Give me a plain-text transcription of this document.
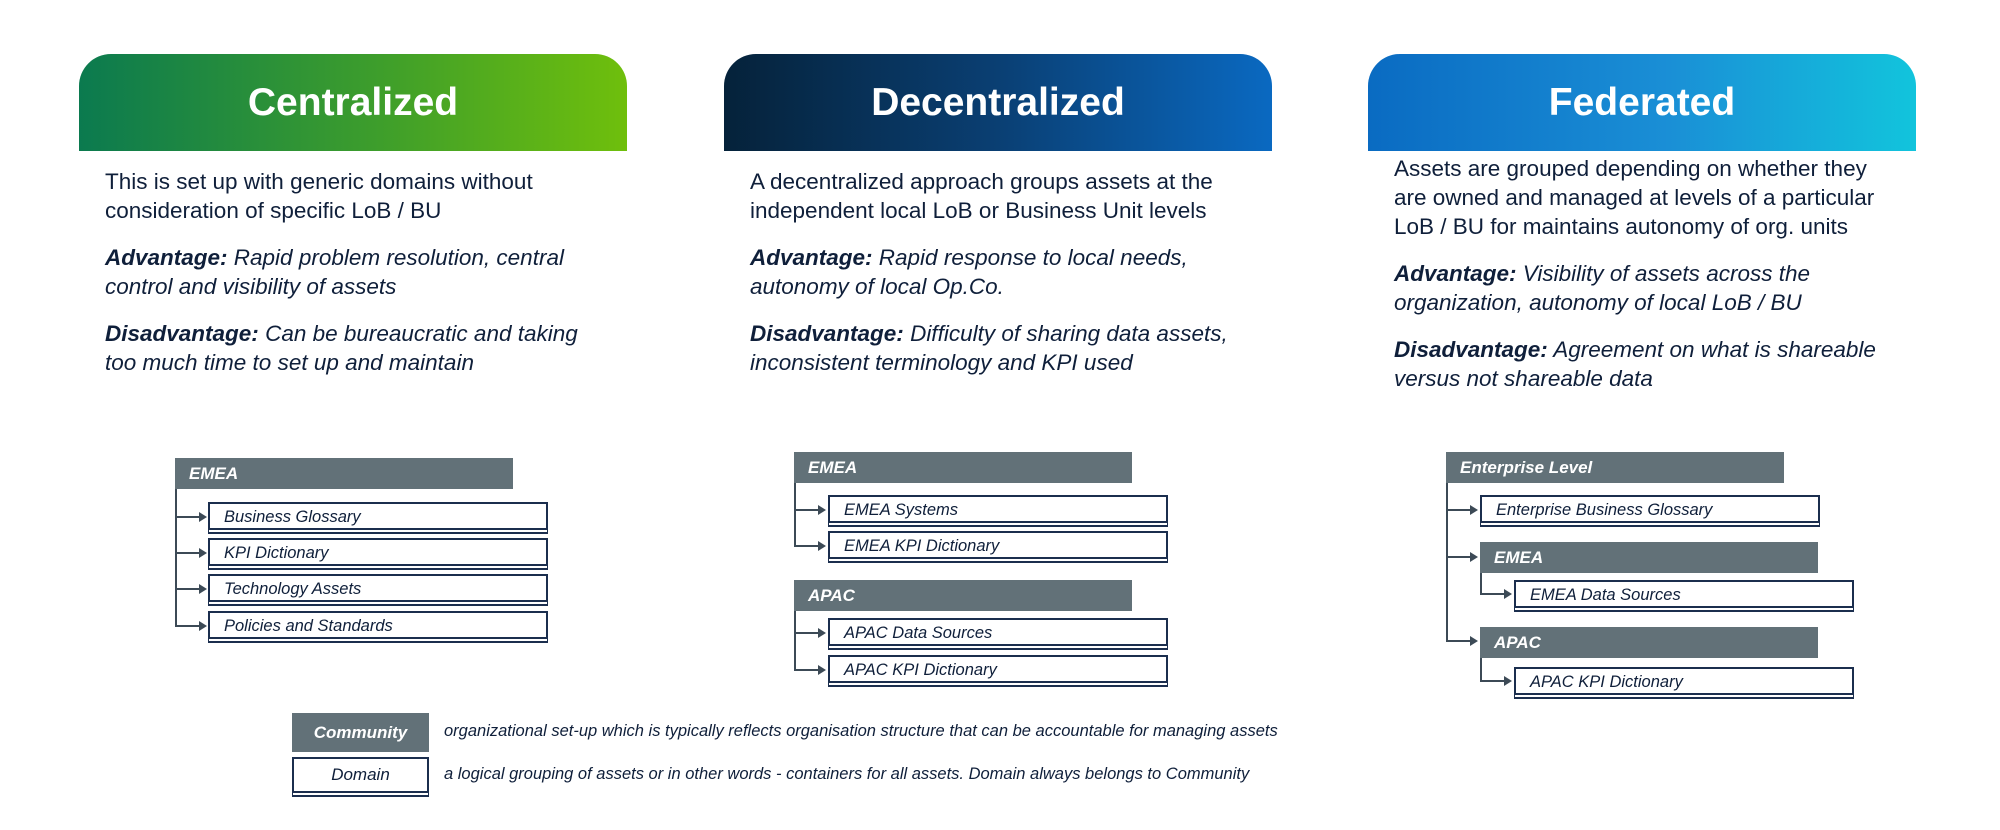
Centralized

This is set up with generic domains without consideration of specific LoB / BU

Advantage: Rapid problem resolution, central control and visibility of assets

Disadvantage: Can be bureaucratic and taking too much time to set up and maintain

Decentralized

A decentralized approach groups assets at the independent local LoB or Business Unit levels

Advantage: Rapid response to local needs, autonomy of local Op.Co.

Disadvantage: Difficulty of sharing data assets, inconsistent terminology and KPI used

Federated

Assets are grouped depending on whether they are owned and managed at levels of a particular LoB / BU for maintains autonomy of org. units

Advantage: Visibility of assets across the organization, autonomy of local LoB / BU

Disadvantage: Agreement on what is shareable versus not shareable data

EMEA
Business Glossary
KPI Dictionary
Technology Assets
Policies and Standards
EMEA
EMEA Systems
EMEA KPI Dictionary
APAC
APAC Data Sources
APAC KPI Dictionary
Enterprise Level
Enterprise Business Glossary
EMEA
EMEA Data Sources
APAC
APAC KPI Dictionary
Community	organizational set-up which is typically reflects organisation structure that can be accountable for managing assets
Domain	a logical grouping of assets or in other words - containers for all assets. Domain always belongs to Community
